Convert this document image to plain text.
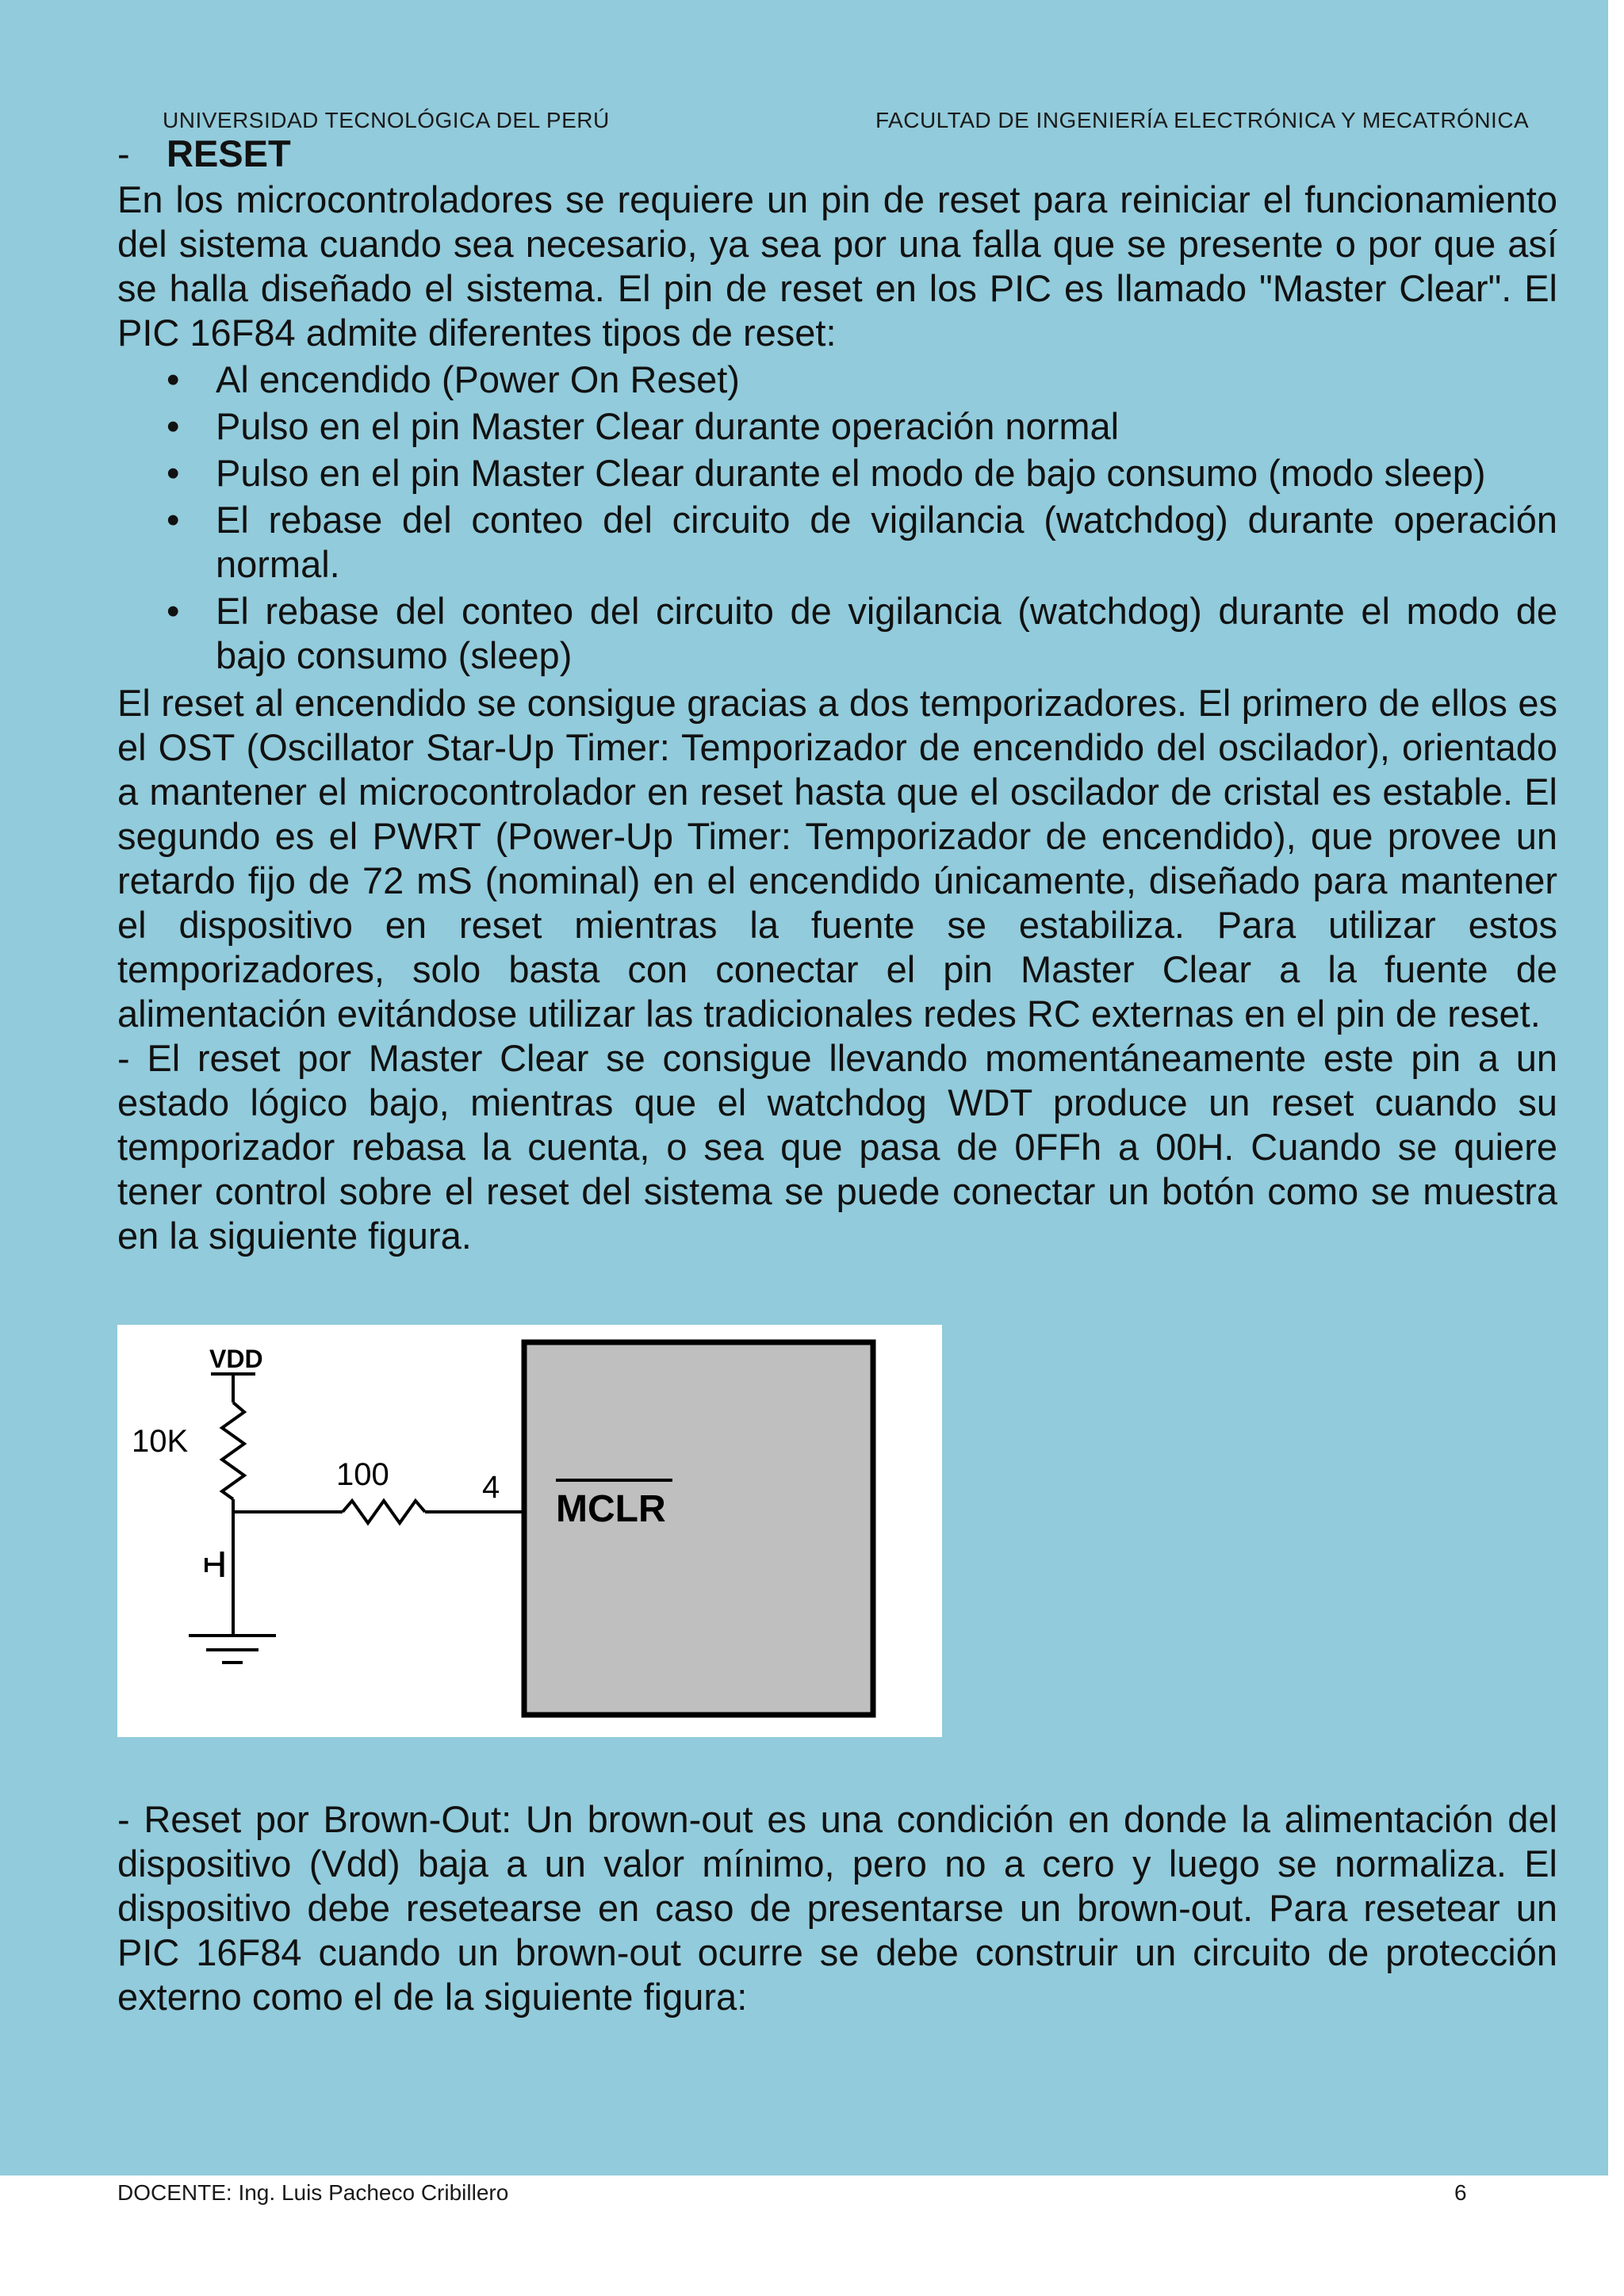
UNIVERSIDAD TECNOLÓGICA DEL PERÚ	FACULTAD DE INGENIERÍA ELECTRÓNICA Y MECATRÓNICA
- RESET

En los microcontroladores se requiere un pin de reset para reiniciar el funcionamiento del sistema cuando sea necesario, ya sea por una falla que se presente o por que así se halla diseñado el sistema. El pin de reset en los PIC es llamado "Master Clear". El PIC 16F84 admite diferentes tipos de reset:

• Al encendido (Power On Reset)
• Pulso en el pin Master Clear durante operación normal
• Pulso en el pin Master Clear durante el modo de bajo consumo (modo sleep)
• El rebase del conteo del circuito de vigilancia (watchdog) durante operación normal.
• El rebase del conteo del circuito de vigilancia (watchdog) durante el modo de bajo consumo (sleep)

El reset al encendido se consigue gracias a dos temporizadores. El primero de ellos es el OST (Oscillator Star-Up Timer: Temporizador de encendido del oscilador), orientado a mantener el microcontrolador en reset hasta que el oscilador de cristal es estable. El segundo es el PWRT (Power-Up Timer: Temporizador de encendido), que provee un retardo fijo de 72 mS (nominal) en el encendido únicamente, diseñado para mantener el dispositivo en reset mientras la fuente se estabiliza. Para utilizar estos temporizadores, solo basta con conectar el pin Master Clear a la fuente de alimentación evitándose utilizar las tradicionales redes RC externas en el pin de reset.

- El reset por Master Clear se consigue llevando momentáneamente este pin a un estado lógico bajo, mientras que el watchdog WDT produce un reset cuando su temporizador rebasa la cuenta, o sea que pasa de 0FFh a 00H. Cuando se quiere tener control sobre el reset del sistema se puede conectar un botón como se muestra en la siguiente figura.

VDD
10K
100	4
MCLR

- Reset por Brown-Out: Un brown-out es una condición en donde la alimentación del dispositivo (Vdd) baja a un valor mínimo, pero no a cero y luego se normaliza. El dispositivo debe resetearse en caso de presentarse un brown-out. Para resetear un PIC 16F84 cuando un brown-out ocurre se debe construir un circuito de protección externo como el de la siguiente figura:

DOCENTE: Ing. Luis Pacheco Cribillero	6
